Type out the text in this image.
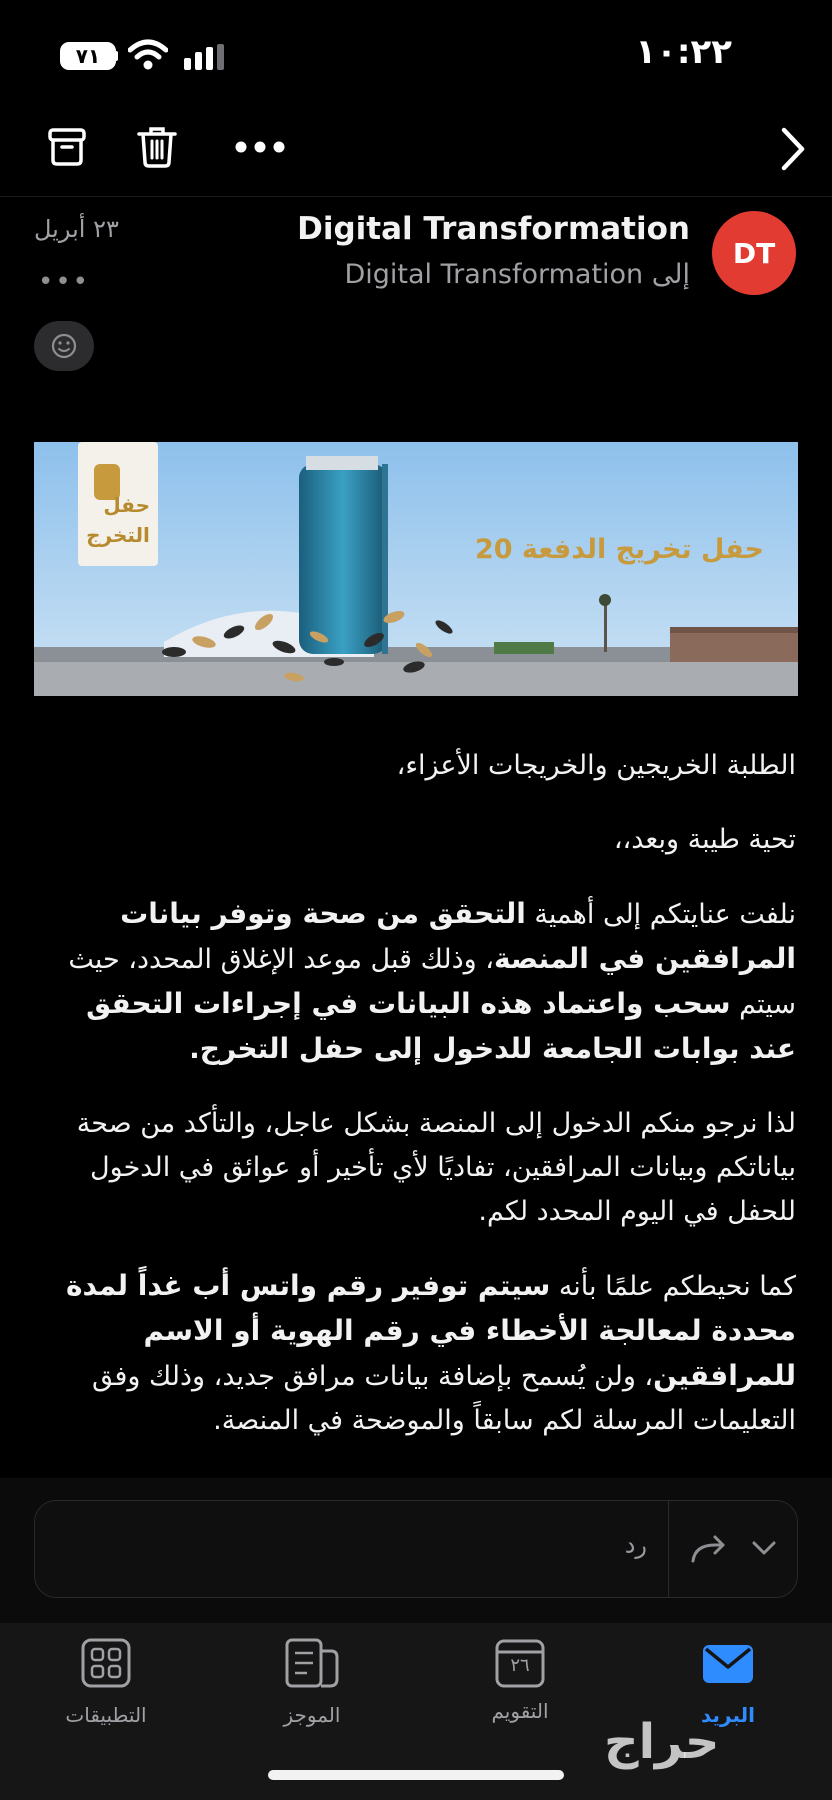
٧١	١٠:٢٢
DT
Digital Transformation
إلى Digital Transformation
٢٣ أبريل
•••
حفل
التخرج	حفل تخريج الدفعة 20

الطلبة الخريجين والخريجات الأعزاء،

تحية طيبة وبعد،،

نلفت عنايتكم إلى أهمية التحقق من صحة وتوفر بيانات المرافقين في المنصة، وذلك قبل موعد الإغلاق المحدد، حيث سيتم سحب واعتماد هذه البيانات في إجراءات التحقق عند بوابات الجامعة للدخول إلى حفل التخرج.

لذا نرجو منكم الدخول إلى المنصة بشكل عاجل، والتأكد من صحة بياناتكم وبيانات المرافقين، تفاديًا لأي تأخير أو عوائق في الدخول للحفل في اليوم المحدد لكم.

كما نحيطكم علمًا بأنه سيتم توفير رقم واتس أب غداً لمدة محددة لمعالجة الأخطاء في رقم الهوية أو الاسم للمرافقين، ولن يُسمح بإضافة بيانات مرافق جديد، وذلك وفق التعليمات المرسلة لكم سابقاً والموضحة في المنصة.

رد
التطبيقات	الموجز
٢٦
التقويم	البريد
حراج
